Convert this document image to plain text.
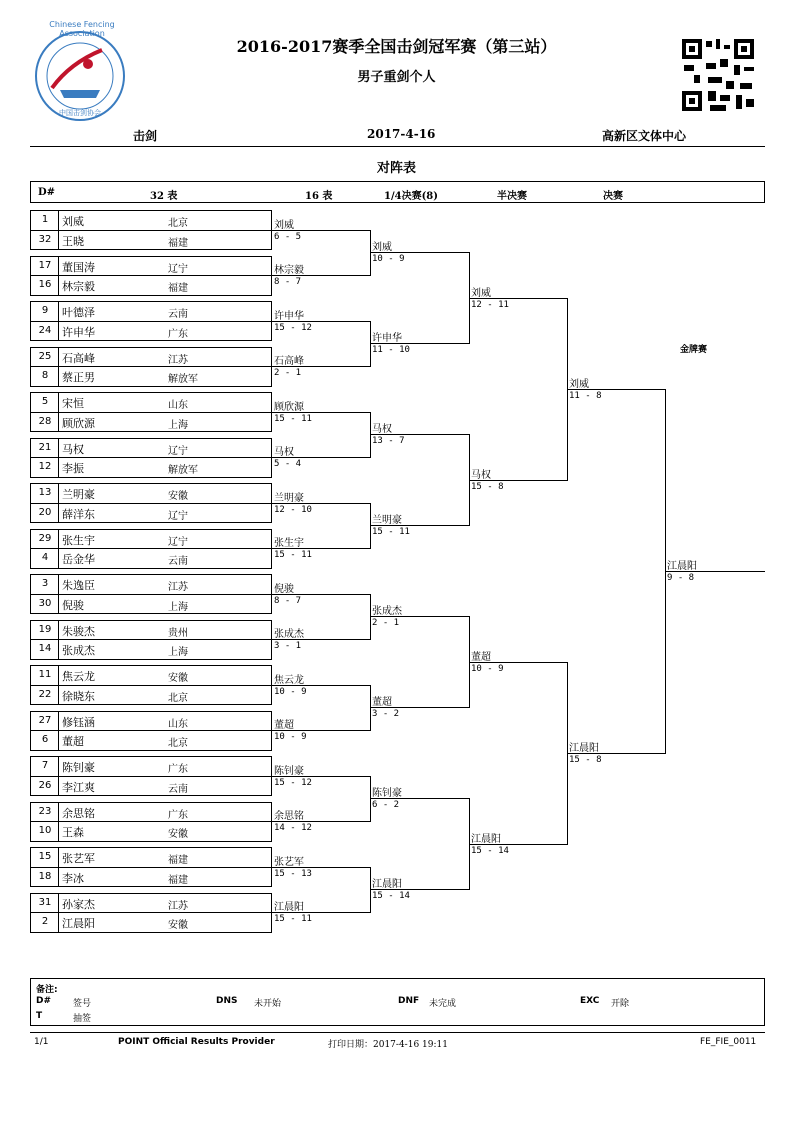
Chinese Fencing Association
中国击剑协会
2016-2017赛季全国击剑冠军赛（第三站）
男子重剑个人
击剑	2017-4-16	高新区文体中心
对阵表
D#	32 表	16 表	1/4决赛(8)	半决赛	决赛
金牌赛
1	刘威	北京
32 王晓	福建
17 董国涛	辽宁
16 林宗毅	福建
9	叶德泽	云南
24 许申华	广东
25 石高峰	江苏
8	蔡正男	解放军
5	宋恒	山东
28 顾欣源	上海
21 马权	辽宁
12 李振	解放军
13 兰明豪	安徽
20 薛洋东	辽宁
29 张生宇	辽宁
4	岳金华	云南
3	朱逸臣	江苏
30 倪骏	上海
19 朱骏杰	贵州
14 张成杰	上海
11 焦云龙	安徽
22 徐晓东	北京
27 修钰涵	山东
6	董超	北京
7	陈钊豪	广东
26 李江爽	云南
23 余思铭	广东
10 王森	安徽
15 张艺军	福建
18 李冰	福建
31 孙家杰	江苏
2	江晨阳	安徽
刘威
6 - 5
林宗毅
8 - 7
许申华
15 - 12
石高峰
2 - 1
顾欣源
15 - 11
马权
5 - 4
兰明豪
12 - 10
张生宇
15 - 11
倪骏
8 - 7
张成杰
3 - 1
焦云龙
10 - 9
董超
10 - 9
陈钊豪
15 - 12
余思铭
14 - 12
张艺军
15 - 13
江晨阳
15 - 11
刘威
10 - 9
许申华
11 - 10
马权
13 - 7
兰明豪
15 - 11
张成杰
2 - 1
董超
3 - 2
陈钊豪
6 - 2
江晨阳
15 - 14
刘威
12 - 11
马权
15 - 8
董超
10 - 9
江晨阳
15 - 14
刘威
11 - 8
江晨阳
15 - 8
江晨阳
9 - 8
备注:
D# 签号	DNS 未开始	DNF 未完成	EXC 开除
T	抽签
1/1	POINT Official Results Provider	打印日期：2017-4-16 19:11	FE_FIE_0011
